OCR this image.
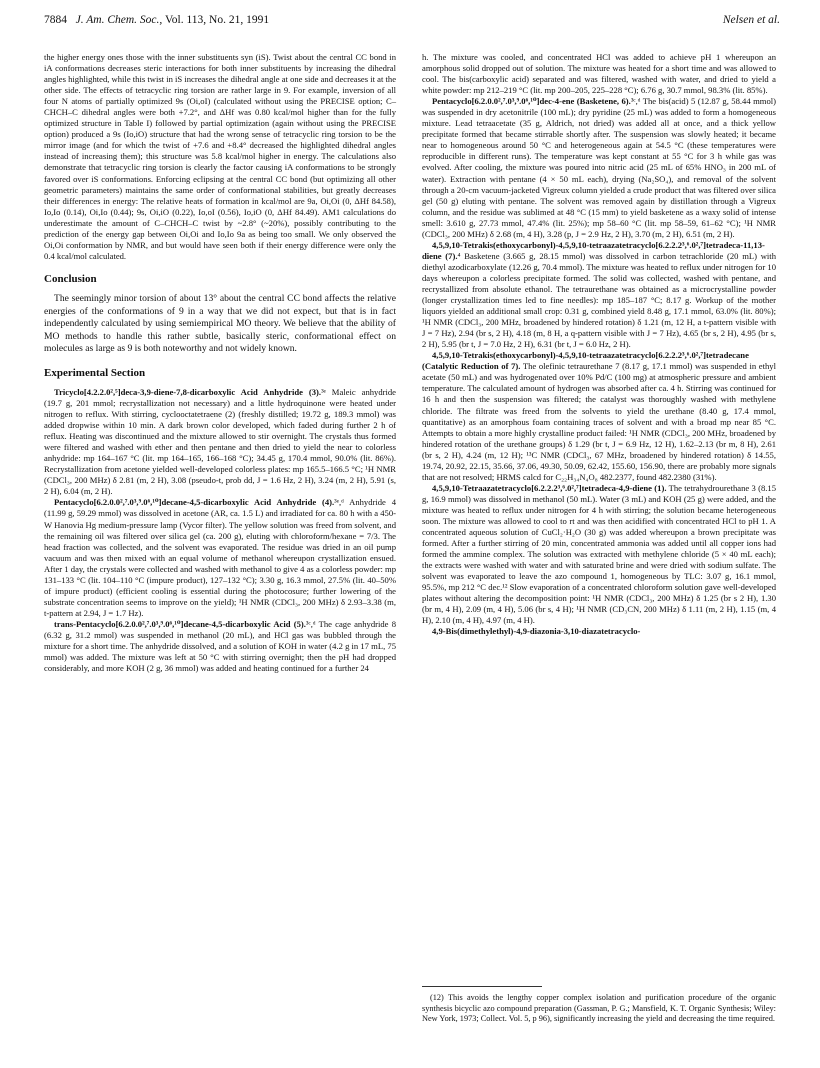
7884 J. Am. Chem. Soc., Vol. 113, No. 21, 1991	Nelsen et al.

the higher energy ones those with the inner substituents syn (iS). Twist about the central CC bond in iA conformations decreases steric interactions for both inner substituents by increasing the dihedral angles highlighted, while this twist in iS increases the dihedral angle at one side and decreases it at the other side. The effects of tetracyclic ring torsion are rather large in 9. For example, inversion of all four N atoms of partially optimized 9s (Oi,oI) (calculated without using the PRECISE option; C–CHCH–C dihedral angles were both +7.2°, and ΔHf was 0.80 kcal/mol higher than for the fully optimized structure in Table I) followed by partial optimization (again without using the PRECISE option) produced a 9s (Io,iO) structure that had the wrong sense of tetracyclic ring torsion to be the mirror image (and for which the twist of +7.6 and +8.4° decreased the highlighted dihedral angles instead of increasing them); this structure was 5.8 kcal/mol higher in energy. The calculations also demonstrate that tetracyclic ring torsion is clearly the factor causing iA conformations to be strongly favored over iS conformations. Enforcing eclipsing at the central CC bond (but optimizing all other geometric parameters) maintains the same order of conformational stabilities, but greatly decreases their differences in energy: The relative heats of formation in kcal/mol are 9a, Oi,Oi (0, ΔHf 84.58), Io,Io (0.14), Oi,Io (0.44); 9s, Oi,iO (0.22), Io,oI (0.56), Io,iO (0, ΔHf 84.49). AM1 calculations do underestimate the amount of C–CHCH–C twist by ~2.8° (~20%), possibly contributing to the prediction of the energy gap between Oi,Oi and Io,Io 9a as being too small. We only observed the Oi,Oi conformation by NMR, and but would have seen both if their energy difference were only the 0.4 kcal/mol calculated.

Conclusion

The seemingly minor torsion of about 13° about the central CC bond affects the relative energies of the conformations of 9 in a way that we did not expect, but that is in fact independently calculated by using semiempirical MO theory. We believe that the ability of MO methods to handle this rather subtle, basically steric, conformational effect on molecules as large as 9 is both noteworthy and not widely known.

Experimental Section

Tricyclo[4.2.2.0²,⁵]deca-3,9-diene-7,8-dicarboxylic Acid Anhydride (3).³ᵉ Maleic anhydride (19.7 g, 201 mmol; recrystallization not necessary) and a little hydroquinone were heated under nitrogen to reflux. With stirring, cyclooctatetraene (2) (freshly distilled; 19.72 g, 189.3 mmol) was added dropwise within 10 min. A dark brown color developed, which faded during further 2 h of reflux. Heating was discontinued and the mixture allowed to stir overnight. The crystals thus formed were filtered and washed with ether and then pentane and then dried to yield the near to colorless anhydride: mp 164–167 °C (lit. mp 164–165, 166–168 °C); 34.45 g, 170.4 mmol, 90.0% (lit. 86%). Recrystallization from acetone yielded well-developed colorless plates: mp 165.5–166.5 °C; ¹H NMR (CDCl₃, 200 MHz) δ 2.81 (m, 2 H), 3.08 (pseudo-t, prob dd, J = 1.6 Hz, 2 H), 3.24 (m, 2 H), 5.91 (s, 2 H), 6.04 (m, 2 H).

Pentacyclo[6.2.0.0²,⁷.0³,⁹.0⁶,¹⁰]decane-4,5-dicarboxylic Acid Anhydride (4).³ᵉ,ᵈ Anhydride 4 (11.99 g, 59.29 mmol) was dissolved in acetone (AR, ca. 1.5 L) and irradiated for ca. 80 h with a 450-W Hanovia Hg medium-pressure lamp (Vycor filter). The yellow solution was freed from solvent, and the remaining oil was filtered over silica gel (ca. 200 g), eluting with chloroform/hexane = 7/3. The head fraction was collected, and the solvent was evaporated. The residue was dried in an oil pump vacuum and was then mixed with an equal volume of methanol whereupon crystallization ensued. After 1 day, the crystals were collected and washed with methanol to give 4 as a colorless powder: mp 131–133 °C (lit. 104–110 °C (impure product), 127–132 °C); 3.30 g, 16.3 mmol, 27.5% (lit. 40–50% of impure product) (efficient cooling is essential during the photocosure; further lowering of the substrate concentration seems to improve on the yield); ¹H NMR (CDCl₃, 200 MHz) δ 2.93–3.38 (m, t-pattern at 2.94, J = 1.7 Hz).

trans-Pentacyclo[6.2.0.0²,⁷.0³,⁹.0⁶,¹⁰]decane-4,5-dicarboxylic Acid (5).³ᶜ,ᵈ The cage anhydride 8 (6.32 g, 31.2 mmol) was suspended in methanol (20 mL), and HCl gas was bubbled through the mixture for a short time. The anhydride dissolved, and a solution of KOH in water (4.2 g in 17 mL, 75 mmol) was added. The mixture was left at 50 °C with stirring overnight; then the pH had dropped considerably, and more KOH (2 g, 36 mmol) was added and heating continued for a further 24

h. The mixture was cooled, and concentrated HCl was added to achieve pH 1 whereupon an amorphous solid dropped out of solution. The mixture was heated for a short time and was allowed to cool. The bis(carboxylic acid) separated and was filtered, washed with water, and dried to yield a white powder: mp 212–219 °C (lit. mp 200–205, 225–228 °C); 6.76 g, 30.7 mmol, 98.3% (lit. 85%).

Pentacyclo[6.2.0.0²,⁷.0³,⁹.0⁶,¹⁰]dec-4-ene (Basketene, 6).³ᶜ,ᵈ The bis(acid) 5 (12.87 g, 58.44 mmol) was suspended in dry acetonitrile (100 mL); dry pyridine (25 mL) was added to form a homogeneous mixture. Lead tetraacetate (35 g, Aldrich, not dried) was added all at once, and a thick yellow precipitate formed that became stirrable shortly after. The suspension was slowly heated; it became near to homogeneous around 50 °C and heterogeneous again at 54.5 °C (these temperatures were reproducible in different runs). The temperature was kept constant at 55 °C for 3 h while gas was evolved. After cooling, the mixture was poured into nitric acid (25 mL of 65% HNO₃ in 200 mL of water). Extraction with pentane (4 × 50 mL each), drying (Na₂SO₄), and removal of the solvent through a 20-cm vacuum-jacketed Vigreux column yielded a crude product that was filtered over silica gel (50 g) eluting with pentane. The solvent was removed again by distillation through a Vigreux column, and the residue was sublimed at 48 °C (15 mm) to yield basketene as a waxy solid of intense smell: 3.610 g, 27.73 mmol, 47.4% (lit. 25%); mp 58–60 °C (lit. mp 58–59, 61–62 °C); ¹H NMR (CDCl₃, 200 MHz) δ 2.68 (m, 4 H), 3.28 (p, J = 2.9 Hz, 2 H), 3.70 (m, 2 H), 6.51 (m, 2 H).

4,5,9,10-Tetrakis(ethoxycarbonyl)-4,5,9,10-tetraazatetracyclo[6.2.2.2³,⁶.0²,⁷]tetradeca-11,13-diene (7).⁴ Basketene (3.665 g, 28.15 mmol) was dissolved in carbon tetrachloride (20 mL) with diethyl azodicarboxylate (12.26 g, 70.4 mmol). The mixture was heated to reflux under nitrogen for 10 days whereupon a colorless precipitate formed. The solid was collected, washed with pentane, and recrystallized from absolute ethanol. The tetraurethane was obtained as a microcrystalline powder (longer crystallization times led to fine needles): mp 185–187 °C; 8.17 g. Workup of the mother liquors yielded an additional small crop: 0.31 g, combined yield 8.48 g, 17.1 mmol, 63.0% (lit. 80%); ¹H NMR (CDCl₃, 200 MHz, broadened by hindered rotation) δ 1.21 (m, 12 H, a t-pattern visible with J = 7 Hz), 2.94 (br s, 2 H), 4.18 (m, 8 H, a q-pattern visible with J = 7 Hz), 4.65 (br s, 2 H), 4.95 (br s, 2 H), 5.95 (br t, J = 7.0 Hz, 2 H), 6.31 (br t, J = 6.0 Hz, 2 H).

4,5,9,10-Tetrakis(ethoxycarbonyl)-4,5,9,10-tetraazatetracyclo[6.2.2.2³,⁶.0²,⁷]tetradecane (Catalytic Reduction of 7). The olefinic tetraurethane 7 (8.17 g, 17.1 mmol) was suspended in ethyl acetate (50 mL) and was hydrogenated over 10% Pd/C (100 mg) at atmospheric pressure and ambient temperature. The calculated amount of hydrogen was absorbed after ca. 4 h. Stirring was continued for 16 h and then the suspension was filtered; the catalyst was thoroughly washed with methylene chloride. The filtrate was freed from the solvents to yield the urethane (8.40 g, 17.4 mmol, quantitative) as an amorphous foam containing traces of solvent and with a broad mp near 85 °C. Attempts to obtain a more highly crystalline product failed: ¹H NMR (CDCl₃, 200 MHz, broadened by hindered rotation of the urethane groups) δ 1.29 (br t, J = 6.9 Hz, 12 H), 1.62–2.13 (br m, 8 H), 2.61 (br s, 2 H), 4.24 (m, 12 H); ¹³C NMR (CDCl₃, 67 MHz, broadened by hindered rotation) δ 14.55, 19.74, 20.92, 22.15, 35.66, 37.06, 49.30, 50.09, 62.42, 155.60, 156.90, there are probably more signals that are not resolved; HRMS calcd for C₂₂H₃₄N₄O₈ 482.2377, found 482.2380 (31%).

4,5,9,10-Tetraazatetracyclo[6.2.2.2³,⁶.0²,⁷]tetradeca-4,9-diene (1). The tetrahydrourethane 3 (8.15 g, 16.9 mmol) was dissolved in methanol (50 mL). Water (3 mL) and KOH (25 g) were added, and the mixture was heated to reflux under nitrogen for 4 h with stirring; the solution became heterogeneous soon. The mixture was allowed to cool to rt and was then acidified with concentrated HCl to pH 1. A concentrated aqueous solution of CuCl₂·H₂O (30 g) was added whereupon a brown precipitate was formed. After a further stirring of 20 min, concentrated ammonia was added until all copper ions had formed the ammine complex. The solution was extracted with methylene chloride (5 × 40 mL each); the extracts were washed with water and with saturated brine and were dried with sodium sulfate. The solvent was evaporated to leave the azo compound 1, homogeneous by TLC: 3.07 g, 16.1 mmol, 95.5%, mp 212 °C dec.¹² Slow evaporation of a concentrated chloroform solution gave well-developed plates without altering the decomposition point: ¹H NMR (CDCl₃, 200 MHz) δ 1.25 (br s 2 H), 1.30 (br m, 4 H), 2.09 (m, 4 H), 5.06 (br s, 4 H); ¹H NMR (CD₃CN, 200 MHz) δ 1.11 (m, 2 H), 1.15 (m, 4 H), 2.10 (m, 4 H), 4.97 (m, 4 H).

4,9-Bis(dimethylethyl)-4,9-diazonia-3,10-diazatetracyclo-

(12) This avoids the lengthy copper complex isolation and purification procedure of the organic synthesis bicyclic azo compound preparation (Gassman, P. G.; Mansfield, K. T. Organic Synthesis; Wiley: New York, 1973; Collect. Vol. 5, p 96), significantly increasing the yield and decreasing the time required.
